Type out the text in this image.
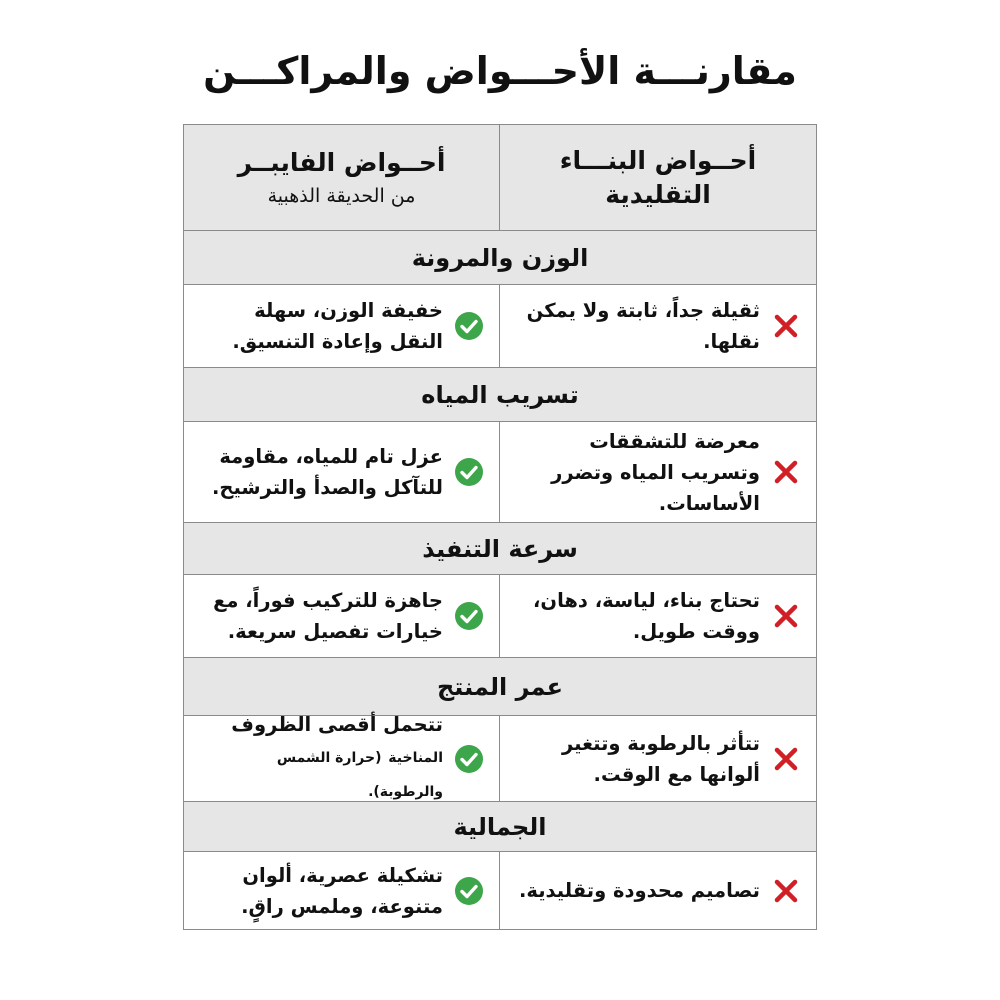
مقارنـــة الأحـــواض والمراكـــن
أحــواض البنـــاء التقليدية
أحــواض الفايبــر
من الحديقة الذهبية
الوزن والمرونة
ثقيلة جداً، ثابتة ولا يمكن نقلها.
خفيفة الوزن، سهلة النقل وإعادة التنسيق.
تسريب المياه
معرضة للتشققات وتسريب المياه وتضرر الأساسات.
عزل تام للمياه، مقاومة للتآكل والصدأ والترشيح.
سرعة التنفيذ
تحتاج بناء، لياسة، دهان، ووقت طويل.
جاهزة للتركيب فوراً، مع خيارات تفصيل سريعة.
عمر المنتج
تتأثر بالرطوبة وتتغير ألوانها مع الوقت.
تتحمل أقصى الظروف
المناخية (حرارة الشمس والرطوبة).
الجمالية
تصاميم محدودة وتقليدية.
تشكيلة عصرية، ألوان متنوعة، وملمس راقٍ.
